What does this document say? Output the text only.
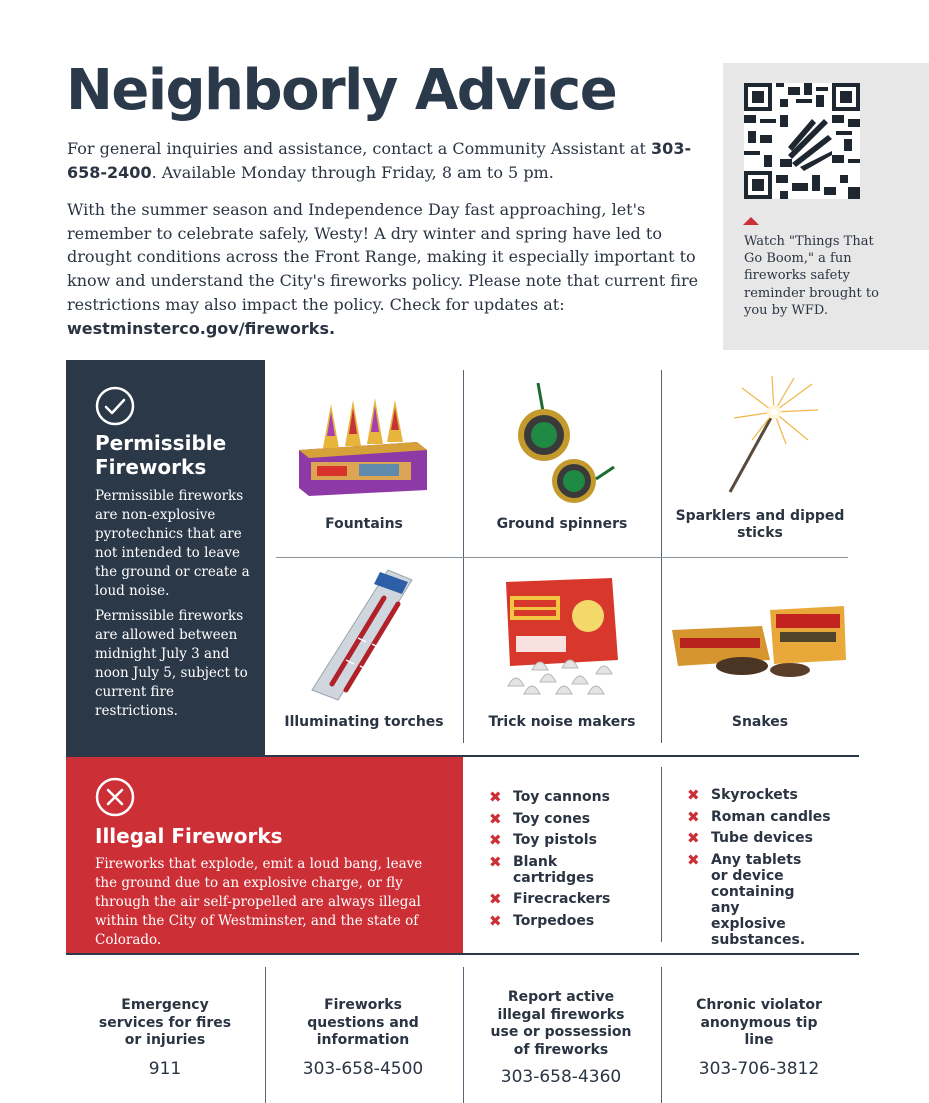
Neighborly Advice

For general inquiries and assistance, contact a Community Assistant at 303-658-2400. Available Monday through Friday, 8 am to 5 pm.

With the summer season and Independence Day fast approaching, let's remember to celebrate safely, Westy! A dry winter and spring have led to drought conditions across the Front Range, making it especially important to know and understand the City's fireworks policy. Please note that current fire restrictions may also impact the policy. Check for updates at: westminsterco.gov/fireworks.

Watch "Things That Go Boom," a fun fireworks safety reminder brought to you by WFD.

Permissible Fireworks

Permissible fireworks are non-explosive pyrotechnics that are not intended to leave the ground or create a loud noise.

Permissible fireworks are allowed between midnight July 3 and noon July 5, subject to current fire restrictions.

Fountains	Ground spinners	Sparklers and dipped sticks
Illuminating torches	Trick noise makers	Snakes
Illegal Fireworks

Fireworks that explode, emit a loud bang, leave the ground due to an explosive charge, or fly through the air self-propelled are always illegal within the City of Westminster, and the state of Colorado.

✖ Toy cannons
✖ Toy cones
✖ Toy pistols
✖ Blank cartridges
✖ Firecrackers
✖ Torpedoes
✖ Skyrockets
✖ Roman candles
✖ Tube devices
✖ Any tablets or device containing any explosive substances.
Emergency services for fires or injuries
911
Fireworks questions and information
303-658-4500
Report active illegal fireworks use or possession of fireworks
303-658-4360
Chronic violator anonymous tip line
303-706-3812
